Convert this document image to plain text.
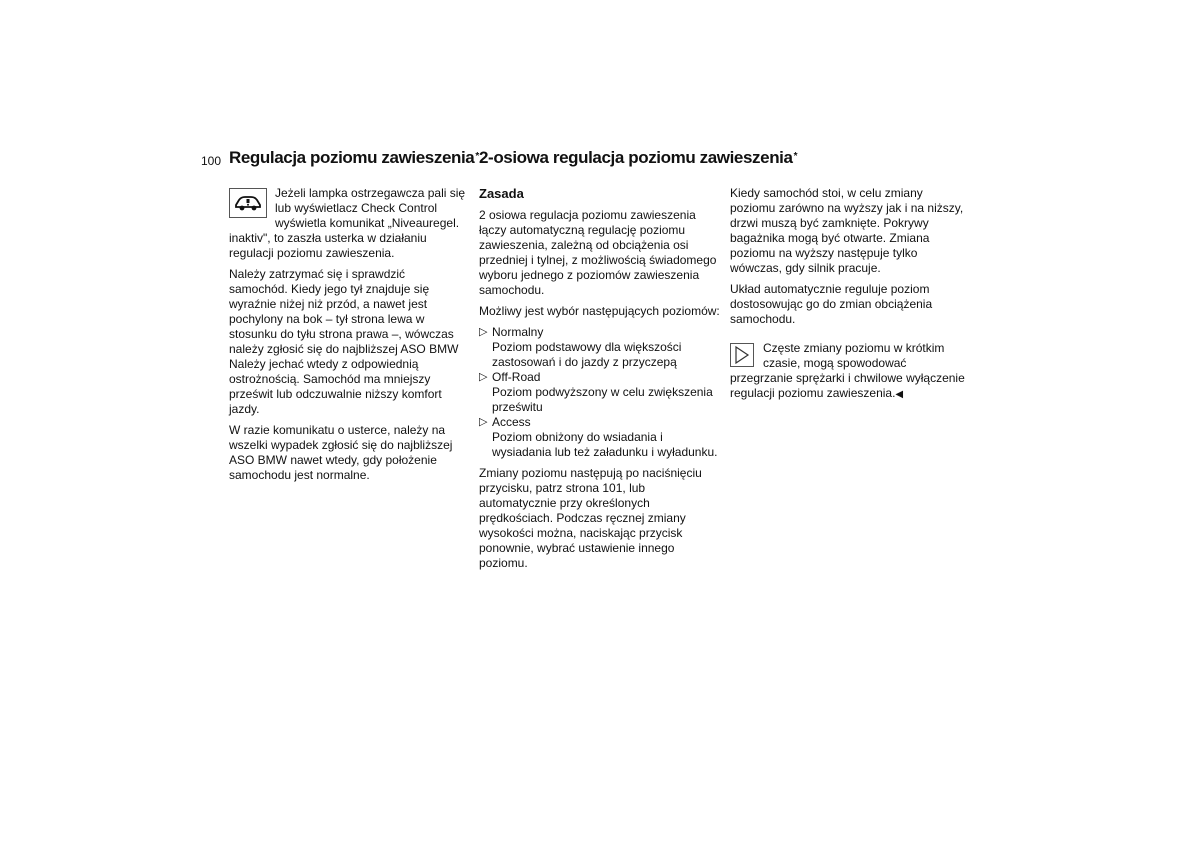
100 Regulacja poziomu zawieszenia* 2-osiowa regulacja poziomu zawieszenia*

Jeżeli lampka ostrzegawcza pali się lub wyświetlacz Check Control wyświetla komunikat „Niveauregel. inaktiv", to zaszła usterka w działaniu regulacji poziomu zawieszenia.

Należy zatrzymać się i sprawdzić samochód. Kiedy jego tył znajduje się wyraźnie niżej niż przód, a nawet jest pochylony na bok – tył strona lewa w stosunku do tyłu strona prawa –, wówczas należy zgłosić się do najbliższej ASO BMW Należy jechać wtedy z odpowiednią ostrożnością. Samochód ma mniejszy prześwit lub odczuwalnie niższy komfort jazdy.

W razie komunikatu o usterce, należy na wszelki wypadek zgłosić się do najbliższej ASO BMW nawet wtedy, gdy położenie samochodu jest normalne.

Zasada

2 osiowa regulacja poziomu zawieszenia łączy automatyczną regulację poziomu zawieszenia, zależną od obciążenia osi przedniej i tylnej, z możliwością świadomego wyboru jednego z poziomów zawieszenia samochodu.

Możliwy jest wybór następujących poziomów:

▷ Normalny
Poziom podstawowy dla większości zastosowań i do jazdy z przyczepą
▷ Off-Road
Poziom podwyższony w celu zwiększenia prześwitu
▷ Access
Poziom obniżony do wsiadania i wysiadania lub też załadunku i wyładunku.

Zmiany poziomu następują po naciśnięciu przycisku, patrz strona 101, lub automatycznie przy określonych prędkościach. Podczas ręcznej zmiany wysokości można, naciskając przycisk ponownie, wybrać ustawienie innego poziomu.

Kiedy samochód stoi, w celu zmiany poziomu zarówno na wyższy jak i na niższy, drzwi muszą być zamknięte. Pokrywy bagażnika mogą być otwarte. Zmiana poziomu na wyższy następuje tylko wówczas, gdy silnik pracuje.

Układ automatycznie reguluje poziom dostosowując go do zmian obciążenia samochodu.

Częste zmiany poziomu w krótkim czasie, mogą spowodować przegrzanie sprężarki i chwilowe wyłączenie regulacji poziomu zawieszenia.◀
